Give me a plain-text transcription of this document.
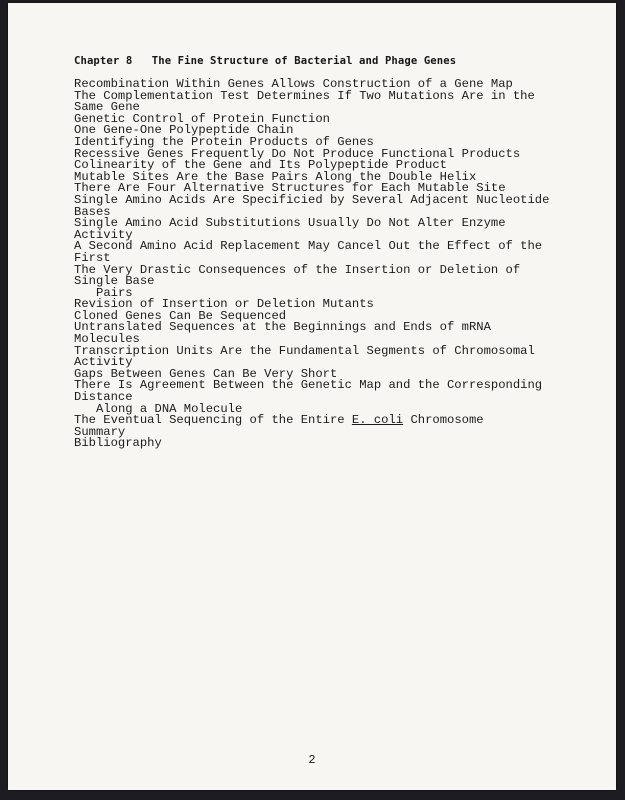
Chapter 8 The Fine Structure of Bacterial and Phage Genes
Recombination Within Genes Allows Construction of a Gene Map
The Complementation Test Determines If Two Mutations Are in the
Same Gene
Genetic Control of Protein Function
One Gene-One Polypeptide Chain
Identifying the Protein Products of Genes
Recessive Genes Frequently Do Not Produce Functional Products
Colinearity of the Gene and Its Polypeptide Product
Mutable Sites Are the Base Pairs Along the Double Helix
There Are Four Alternative Structures for Each Mutable Site
Single Amino Acids Are Specificied by Several Adjacent Nucleotide
Bases
Single Amino Acid Substitutions Usually Do Not Alter Enzyme
Activity
A Second Amino Acid Replacement May Cancel Out the Effect of the
First
The Very Drastic Consequences of the Insertion or Deletion of
Single Base
Pairs
Revision of Insertion or Deletion Mutants
Cloned Genes Can Be Sequenced
Untranslated Sequences at the Beginnings and Ends of mRNA
Molecules
Transcription Units Are the Fundamental Segments of Chromosomal
Activity
Gaps Between Genes Can Be Very Short
There Is Agreement Between the Genetic Map and the Corresponding
Distance
Along a DNA Molecule
The Eventual Sequencing of the Entire E. coli Chromosome
Summary
Bibliography
2
